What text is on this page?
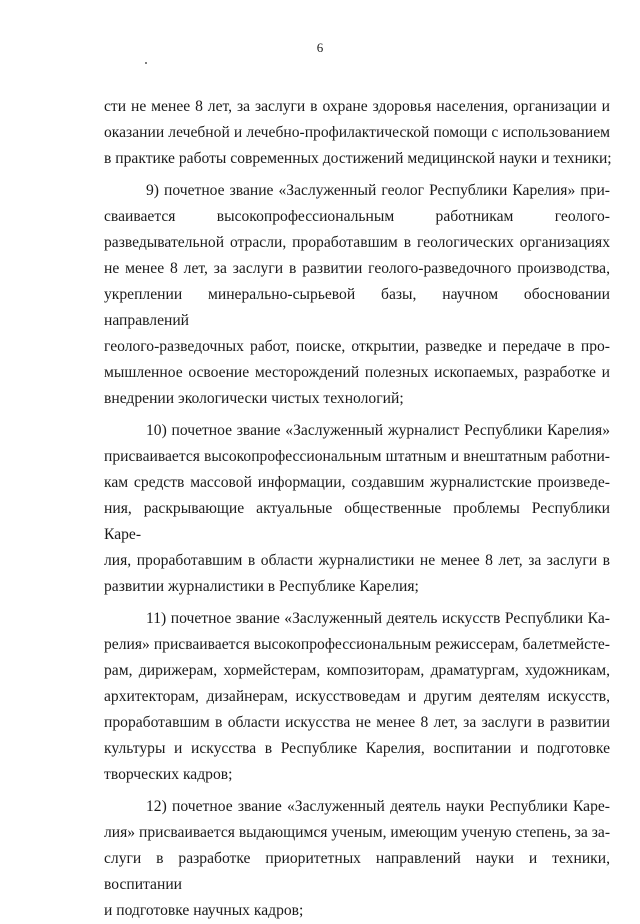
6
сти не менее 8 лет, за заслуги в охране здоровья населения, организации и
оказании лечебной и лечебно-профилактической помощи с использованием
в практике работы современных достижений медицинской науки и техники;
9) почетное звание «Заслуженный геолог Республики Карелия» при-
сваивается высокопрофессиональным работникам геолого-
разведывательной отрасли, проработавшим в геологических организациях
не менее 8 лет, за заслуги в развитии геолого-разведочного производства,
укреплении минерально-сырьевой базы, научном обосновании направлений
геолого-разведочных работ, поиске, открытии, разведке и передаче в про-
мышленное освоение месторождений полезных ископаемых, разработке и
внедрении экологически чистых технологий;
10) почетное звание «Заслуженный журналист Республики Карелия»
присваивается высокопрофессиональным штатным и внештатным работни-
кам средств массовой информации, создавшим журналистские произведе-
ния, раскрывающие актуальные общественные проблемы Республики Каре-
лия, проработавшим в области журналистики не менее 8 лет, за заслуги в
развитии журналистики в Республике Карелия;
11) почетное звание «Заслуженный деятель искусств Республики Ка-
релия» присваивается высокопрофессиональным режиссерам, балетмейсте-
рам, дирижерам, хормейстерам, композиторам, драматургам, художникам,
архитекторам, дизайнерам, искусствоведам и другим деятелям искусств,
проработавшим в области искусства не менее 8 лет, за заслуги в развитии
культуры и искусства в Республике Карелия, воспитании и подготовке
творческих кадров;
12) почетное звание «Заслуженный деятель науки Республики Каре-
лия» присваивается выдающимся ученым, имеющим ученую степень, за за-
слуги в разработке приоритетных направлений науки и техники, воспитании
и подготовке научных кадров;
